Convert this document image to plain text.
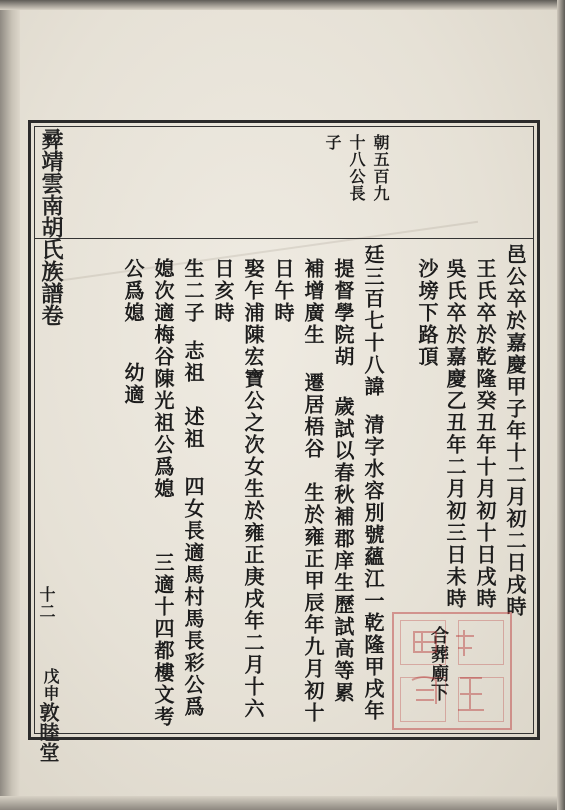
彛靖雲南胡氏族譜卷
十二
戊申
敦睦堂
朝五百九
十八公長
子
邑公卒於嘉慶甲子年十二月初二日戌時
王氏卒於乾隆癸丑年十月初十日戌時
吳氏卒於嘉慶乙丑年二月初三日未時
合葬廟下
沙塝下路頂
廷三百七十八諱
清字水容別號蘊江一乾隆甲戌年
提督學院胡
歲試以春秋補郡庠生歷試高等累
補增廣生
遷居梧谷　生於雍正甲辰年九月初十
日午時
娶乍浦陳宏寶公之次女生於雍正庚戌年二月十六
日亥時
生二子
志祖　述祖
四女長適馬村馬長彩公爲
媳次適梅谷陳光祖公爲媳
三適十四都樓文考
公爲媳
幼適
